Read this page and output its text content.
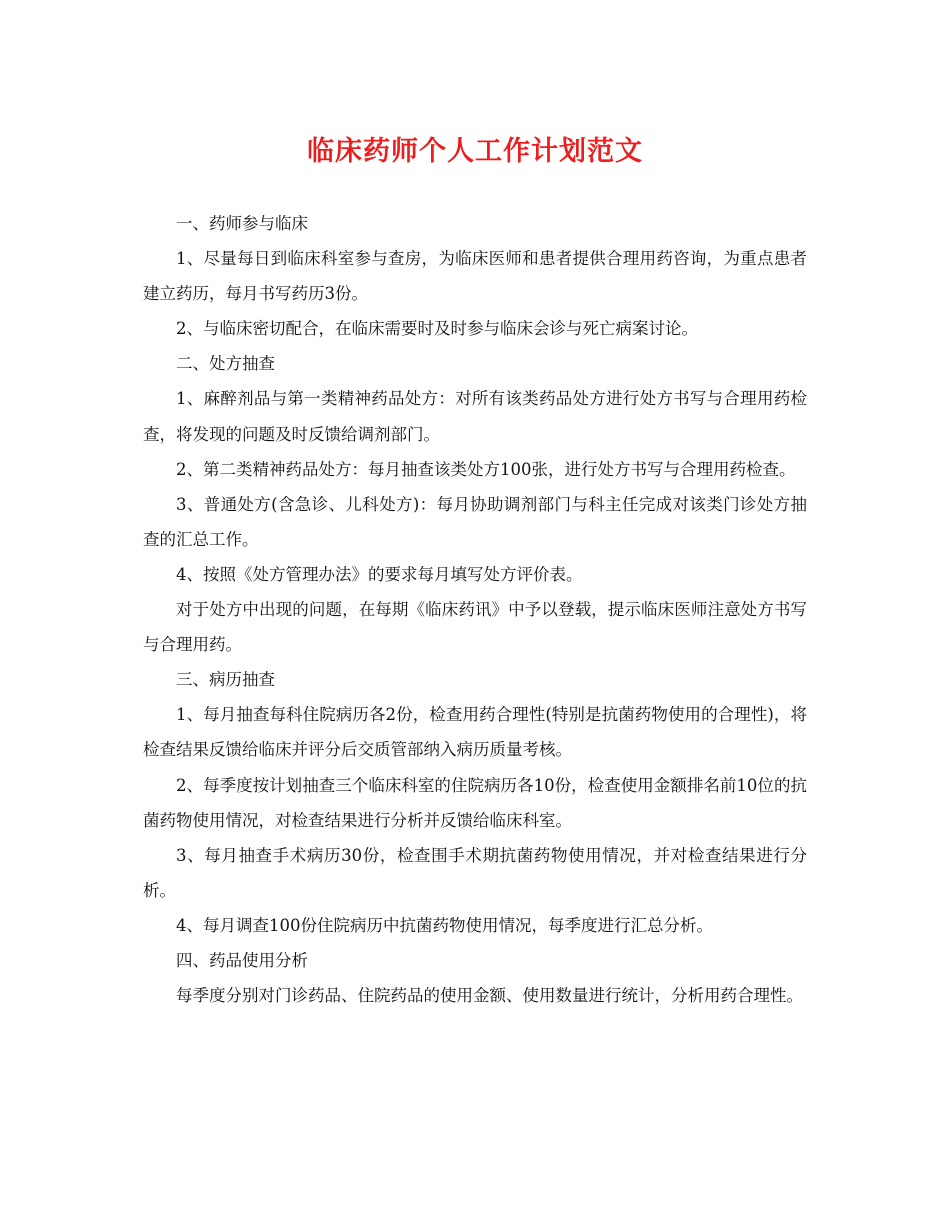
临床药师个人工作计划范文

一、药师参与临床

1、尽量每日到临床科室参与查房，为临床医师和患者提供合理用药咨询，为重点患者建立药历，每月书写药历3份。

2、与临床密切配合，在临床需要时及时参与临床会诊与死亡病案讨论。

二、处方抽查

1、麻醉剂品与第一类精神药品处方：对所有该类药品处方进行处方书写与合理用药检查，将发现的问题及时反馈给调剂部门。

2、第二类精神药品处方：每月抽查该类处方100张，进行处方书写与合理用药检查。

3、普通处方(含急诊、儿科处方)：每月协助调剂部门与科主任完成对该类门诊处方抽查的汇总工作。

4、按照《处方管理办法》的要求每月填写处方评价表。

对于处方中出现的问题，在每期《临床药讯》中予以登载，提示临床医师注意处方书写与合理用药。

三、病历抽查

1、每月抽查每科住院病历各2份，检查用药合理性(特别是抗菌药物使用的合理性)，将检查结果反馈给临床并评分后交质管部纳入病历质量考核。

2、每季度按计划抽查三个临床科室的住院病历各10份，检查使用金额排名前10位的抗菌药物使用情况，对检查结果进行分析并反馈给临床科室。

3、每月抽查手术病历30份，检查围手术期抗菌药物使用情况，并对检查结果进行分析。

4、每月调查100份住院病历中抗菌药物使用情况，每季度进行汇总分析。

四、药品使用分析

每季度分别对门诊药品、住院药品的使用金额、使用数量进行统计，分析用药合理性。
